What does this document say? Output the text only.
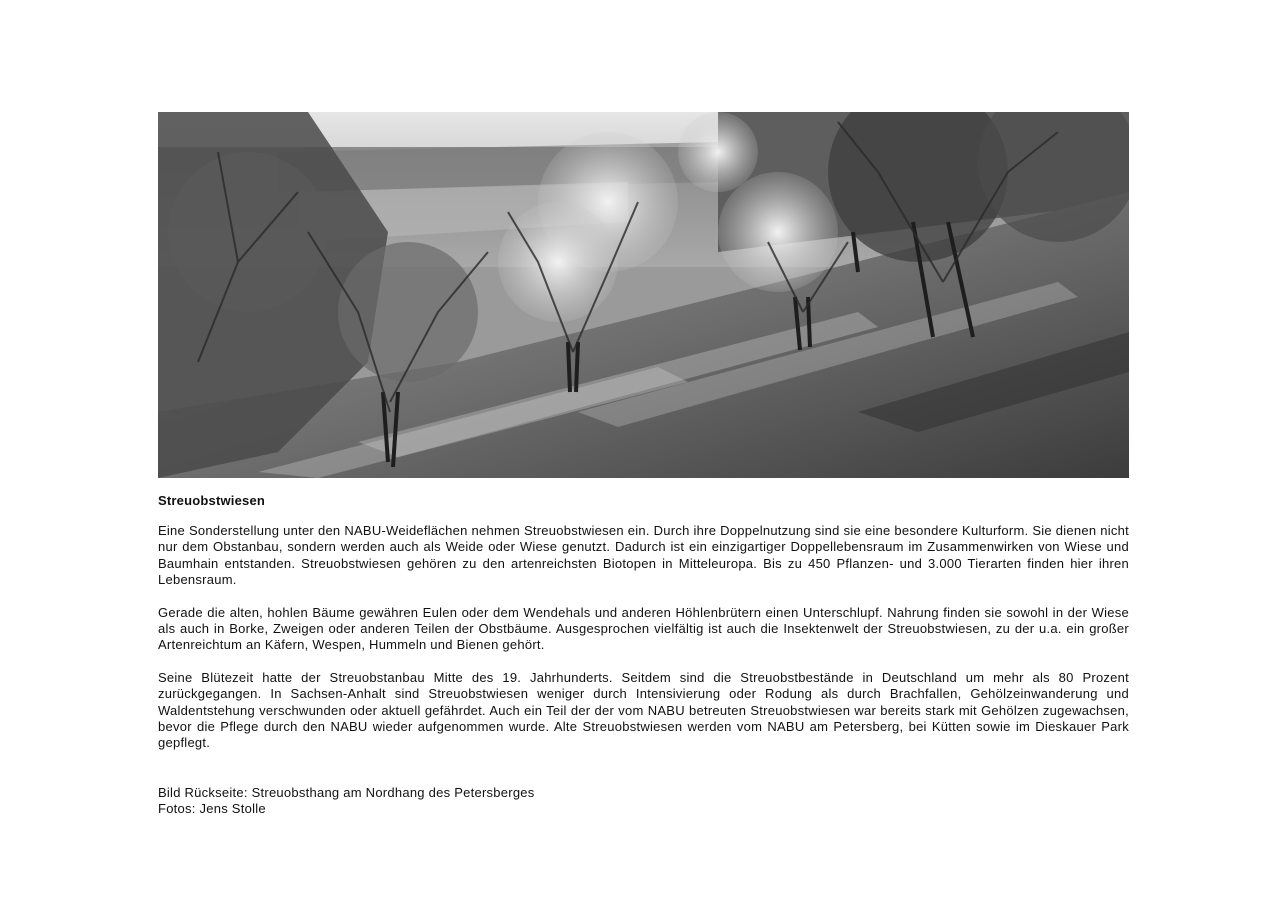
Streuobstwiesen

Eine Sonderstellung unter den NABU-Weideflächen nehmen Streuobstwiesen ein. Durch ihre Doppelnutzung sind sie eine besondere Kulturform. Sie dienen nicht nur dem Obstanbau, sondern werden auch als Weide oder Wiese genutzt. Dadurch ist ein einzigartiger Doppellebensraum im Zusammenwirken von Wiese und Baumhain entstanden. Streuobstwiesen gehören zu den artenreichsten Biotopen in Mitteleuropa. Bis zu 450 Pflanzen- und 3.000 Tierarten finden hier ihren Lebensraum.

Gerade die alten, hohlen Bäume gewähren Eulen oder dem Wendehals und anderen Höhlenbrütern einen Unterschlupf. Nahrung finden sie sowohl in der Wiese als auch in Borke, Zweigen oder anderen Teilen der Obstbäume. Ausgesprochen vielfältig ist auch die Insektenwelt der Streuobstwiesen, zu der u.a. ein großer Artenreichtum an Käfern, Wespen, Hummeln und Bienen gehört.

Seine Blütezeit hatte der Streuobstanbau Mitte des 19. Jahrhunderts. Seitdem sind die Streuobstbestände in Deutschland um mehr als 80 Prozent zurückgegangen. In Sachsen-Anhalt sind Streuobstwiesen weniger durch Intensivierung oder Rodung als durch Brachfallen, Gehölzeinwanderung und Waldentstehung verschwunden oder aktuell gefährdet. Auch ein Teil der der vom NABU betreuten Streuobstwiesen war bereits stark mit Gehölzen zugewachsen, bevor die Pflege durch den NABU wieder aufgenommen wurde. Alte Streuobstwiesen werden vom NABU am Petersberg, bei Kütten sowie im Dieskauer Park gepflegt.

Bild Rückseite: Streuobsthang am Nordhang des Petersberges
Fotos: Jens Stolle
